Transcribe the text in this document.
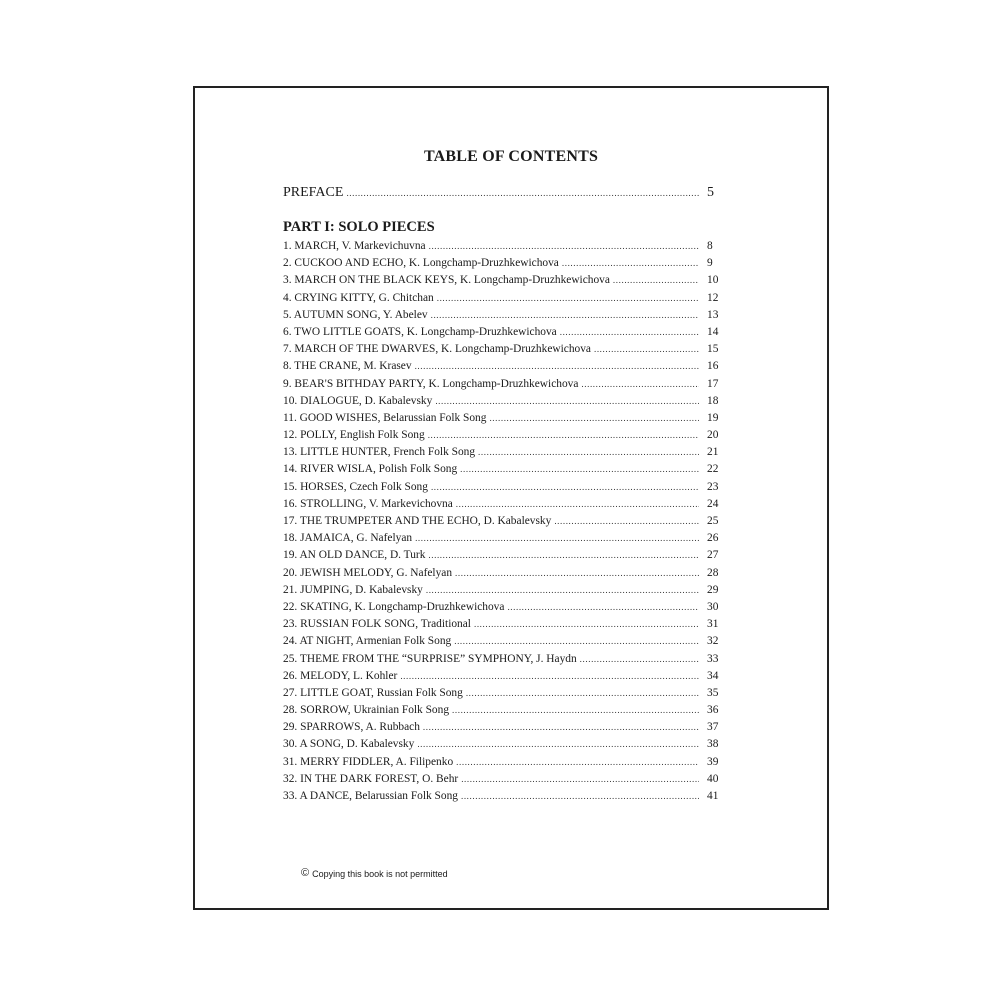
TABLE OF CONTENTS
PREFACE .....	5
PART I: SOLO PIECES
1. MARCH, V. Markevichuvna .....	8
2. CUCKOO AND ECHO, K. Longchamp-Druzhkewichova .....	9
3. MARCH ON THE BLACK KEYS, K. Longchamp-Druzhkewichova .....	10
4. CRYING KITTY, G. Chitchan .....	12
5. AUTUMN SONG, Y. Abelev .....	13
6. TWO LITTLE GOATS, K. Longchamp-Druzhkewichova .....	14
7. MARCH OF THE DWARVES, K. Longchamp-Druzhkewichova .....	15
8. THE CRANE, M. Krasev .....	16
9. BEAR'S BITHDAY PARTY, K. Longchamp-Druzhkewichova .....	17
10. DIALOGUE, D. Kabalevsky .....	18
11. GOOD WISHES, Belarussian Folk Song .....	19
12. POLLY, English Folk Song .....	20
13. LITTLE HUNTER, French Folk Song .....	21
14. RIVER WISLA, Polish Folk Song .....	22
15. HORSES, Czech Folk Song .....	23
16. STROLLING, V. Markevichovna .....	24
17. THE TRUMPETER AND THE ECHO, D. Kabalevsky .....	25
18. JAMAICA, G. Nafelyan .....	26
19. AN OLD DANCE, D. Turk .....	27
20. JEWISH MELODY, G. Nafelyan .....	28
21. JUMPING, D. Kabalevsky .....	29
22. SKATING, K. Longchamp-Druzhkewichova .....	30
23. RUSSIAN FOLK SONG, Traditional .....	31
24. AT NIGHT, Armenian Folk Song .....	32
25. THEME FROM THE “SURPRISE” SYMPHONY, J. Haydn .....	33
26. MELODY, L. Kohler .....	34
27. LITTLE GOAT, Russian Folk Song .....	35
28. SORROW, Ukrainian Folk Song .....	36
29. SPARROWS, A. Rubbach .....	37
30. A SONG, D. Kabalevsky .....	38
31. MERRY FIDDLER, A. Filipenko .....	39
32. IN THE DARK FOREST, O. Behr .....	40
33. A DANCE, Belarussian Folk Song .....	41
© Copying this book is not permitted
